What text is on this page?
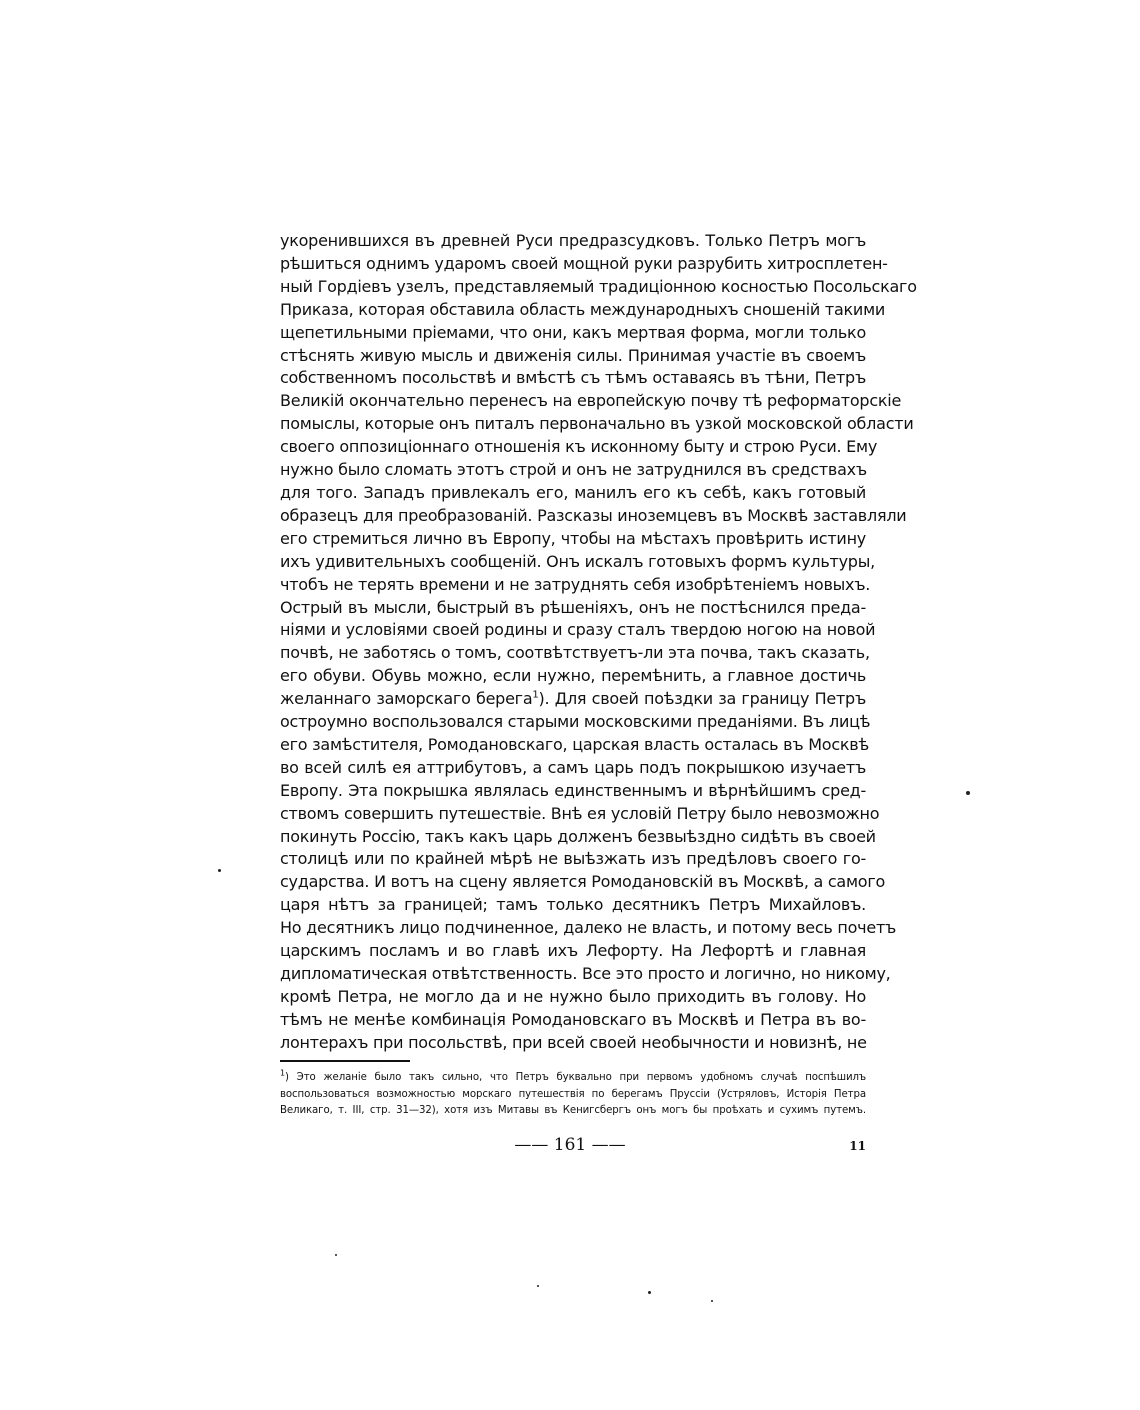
укоренившихся въ древней Руси предразсудковъ. Только Петръ могъ
рѣшиться однимъ ударомъ своей мощной руки разрубить хитросплетен-
ный Гордіевъ узелъ, представляемый традиціонною косностью Посольскаго
Приказа, которая обставила область международныхъ сношеній такими
щепетильными пріемами, что они, какъ мертвая форма, могли только
стѣснять живую мысль и движенія силы. Принимая участіе въ своемъ
собственномъ посольствѣ и вмѣстѣ съ тѣмъ оставаясь въ тѣни, Петръ
Великій окончательно перенесъ на европейскую почву тѣ реформаторскіе
помыслы, которые онъ питалъ первоначально въ узкой московской области
своего оппозиціоннаго отношенія къ исконному быту и строю Руси. Ему
нужно было сломать этотъ строй и онъ не затруднился въ средствахъ
для того. Западъ привлекалъ его, манилъ его къ себѣ, какъ готовый
образецъ для преобразованій. Разсказы иноземцевъ въ Москвѣ заставляли
его стремиться лично въ Европу, чтобы на мѣстахъ провѣрить истину
ихъ удивительныхъ сообщеній. Онъ искалъ готовыхъ формъ культуры,
чтобъ не терять времени и не затруднять себя изобрѣтеніемъ новыхъ.
Острый въ мысли, быстрый въ рѣшеніяхъ, онъ не постѣснился преда-
ніями и условіями своей родины и сразу сталъ твердою ногою на новой
почвѣ, не заботясь о томъ, соотвѣтствуетъ-ли эта почва, такъ сказать,
его обуви. Обувь можно, если нужно, перемѣнить, а главное достичь
желаннаго заморскаго берега$^1$). Для своей поѣздки за границу Петръ
остроумно воспользовался старыми московскими преданіями. Въ лицѣ
его замѣстителя, Ромодановскаго, царская власть осталась въ Москвѣ
во всей силѣ ея аттрибутовъ, а самъ царь подъ покрышкою изучаетъ
Европу. Эта покрышка являлась единственнымъ и вѣрнѣйшимъ сред-
ствомъ совершить путешествіе. Внѣ ея условій Петру было невозможно
покинуть Россію, такъ какъ царь долженъ безвыѣздно сидѣть въ своей
столицѣ или по крайней мѣрѣ не выѣзжать изъ предѣловъ своего го-
сударства. И вотъ на сцену является Ромодановскій въ Москвѣ, а самого
царя нѣтъ за границей; тамъ только десятникъ Петръ Михайловъ.
Но десятникъ лицо подчиненное, далеко не власть, и потому весь почетъ
царскимъ посламъ и во главѣ ихъ Лефорту. На Лефортѣ и главная
дипломатическая отвѣтственность. Все это просто и логично, но никому,
кромѣ Петра, не могло да и не нужно было приходить въ голову. Но
тѣмъ не менѣе комбинація Ромодановскаго въ Москвѣ и Петра въ во-
лонтерахъ при посольствѣ, при всей своей необычности и новизнѣ, не
$^1$) Это желаніе было такъ сильно, что Петръ буквально при первомъ удобномъ случаѣ поспѣшилъ
воспользоваться возможностью морскаго путешествія по берегамъ Пруссіи (Устряловъ, Исторія Петра
Великаго, т. III, стр. 31—32), хотя изъ Митавы въ Кенигсбергъ онъ могъ бы проѣхать и сухимъ путемъ.
—— 161 ——	11
